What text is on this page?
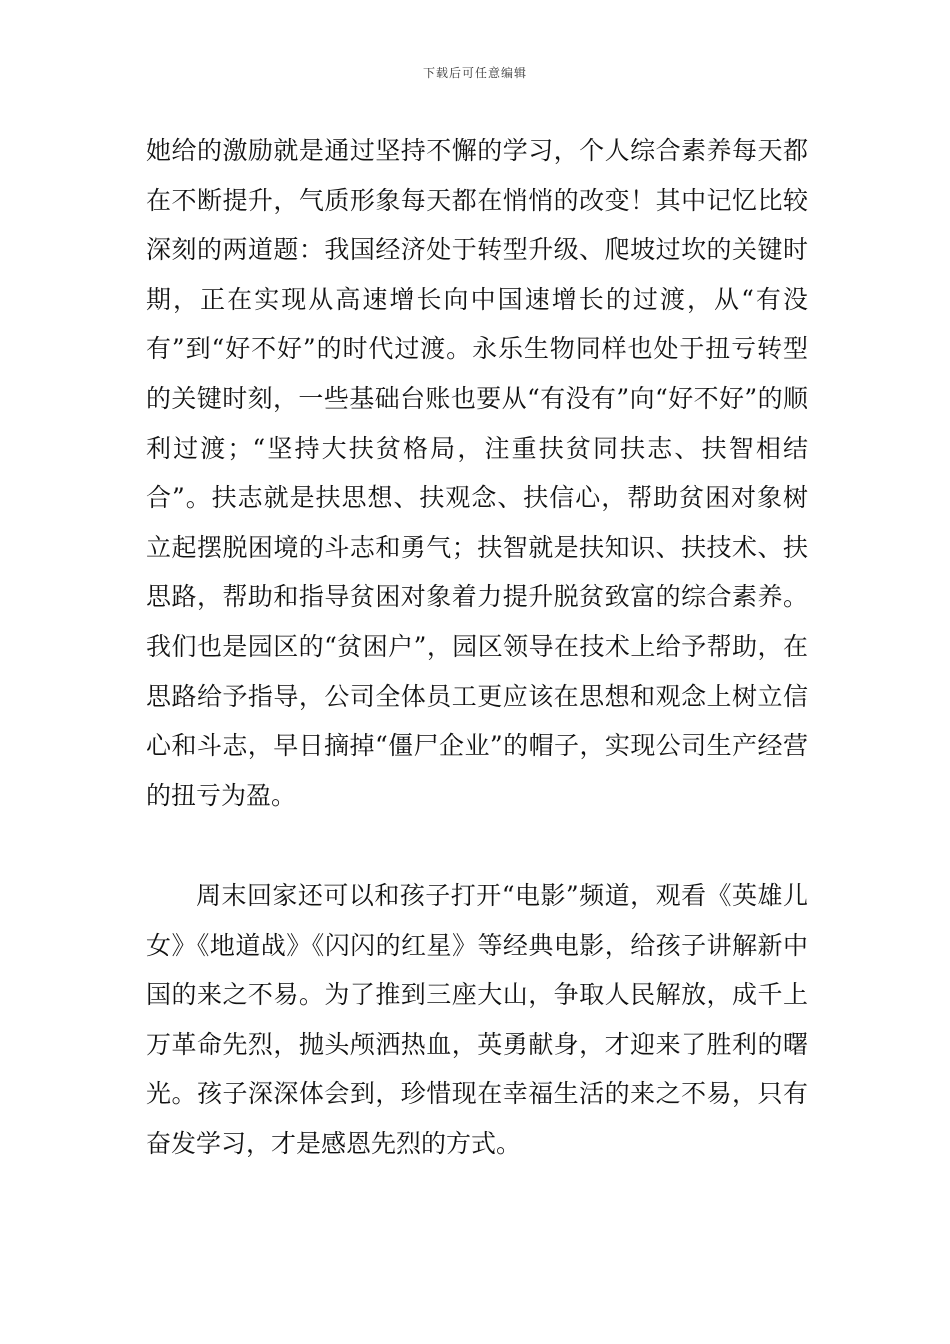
下载后可任意编辑

她给的激励就是通过坚持不懈的学习，个人综合素养每天都在不断提升，气质形象每天都在悄悄的改变！其中记忆比较深刻的两道题：我国经济处于转型升级、爬坡过坎的关键时期，正在实现从高速增长向中国速增长的过渡，从“有没有”到“好不好”的时代过渡。永乐生物同样也处于扭亏转型的关键时刻，一些基础台账也要从“有没有”向“好不好”的顺利过渡；“坚持大扶贫格局，注重扶贫同扶志、扶智相结合”。扶志就是扶思想、扶观念、扶信心，帮助贫困对象树立起摆脱困境的斗志和勇气；扶智就是扶知识、扶技术、扶思路，帮助和指导贫困对象着力提升脱贫致富的综合素养。我们也是园区的“贫困户”，园区领导在技术上给予帮助，在思路给予指导，公司全体员工更应该在思想和观念上树立信心和斗志，早日摘掉“僵尸企业”的帽子，实现公司生产经营的扭亏为盈。

周末回家还可以和孩子打开“电影”频道，观看《英雄儿女》《地道战》《闪闪的红星》等经典电影，给孩子讲解新中国的来之不易。为了推到三座大山，争取人民解放，成千上万革命先烈，抛头颅洒热血，英勇献身，才迎来了胜利的曙光。孩子深深体会到，珍惜现在幸福生活的来之不易，只有奋发学习，才是感恩先烈的方式。
